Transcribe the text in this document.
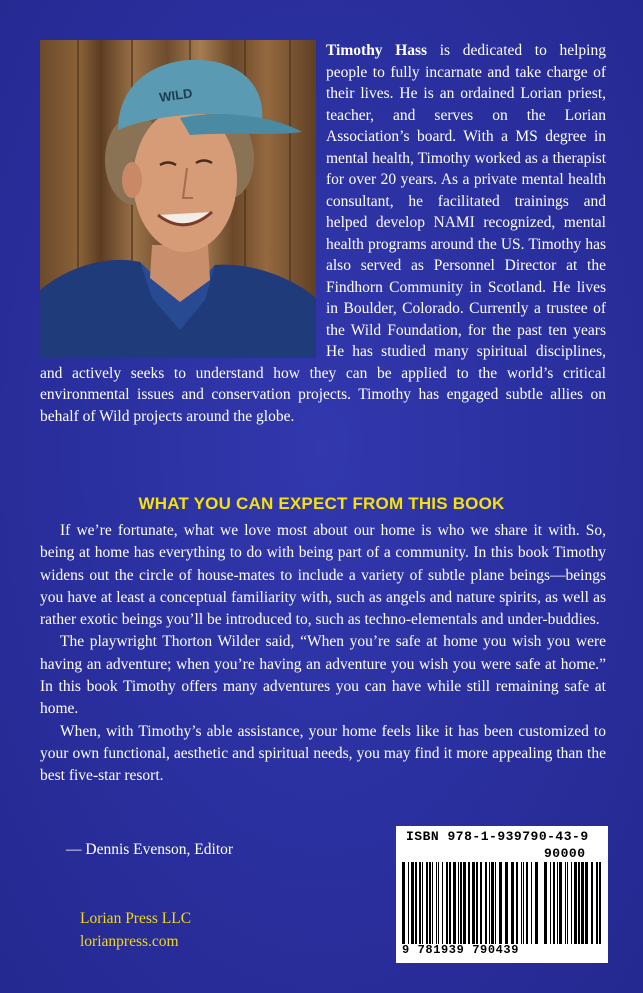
WILD
Timothy Hass is dedicated to helping people to fully incarnate and take charge of their lives. He is an ordained Lorian priest, teacher, and serves on the Lorian Association’s board. With a MS degree in mental health, Timothy worked as a therapist for over 20 years. As a private mental health consultant, he facilitated trainings and helped develop NAMI recognized, mental health programs around the US. Timothy has also served as Personnel Director at the Findhorn Community in Scotland. He lives in Boulder, Colorado. Currently a trustee of the Wild Foundation, for the past ten years He has studied many spiritual disciplines, and actively seeks to understand how they can be applied to the world’s critical environmental issues and conservation projects. Timothy has engaged subtle allies on behalf of Wild projects around the globe.
WHAT YOU CAN EXPECT FROM THIS BOOK

If we’re fortunate, what we love most about our home is who we share it with. So, being at home has everything to do with being part of a community. In this book Timothy widens out the circle of house-mates to include a variety of subtle plane beings—beings you have at least a conceptual familiarity with, such as angels and nature spirits, as well as rather exotic beings you’ll be introduced to, such as techno-elementals and under-buddies.

The playwright Thorton Wilder said, “When you’re safe at home you wish you were having an adventure; when you’re having an adventure you wish you were safe at home.” In this book Timothy offers many adventures you can have while still remaining safe at home.

When, with Timothy’s able assistance, your home feels like it has been customized to your own functional, aesthetic and spiritual needs, you may find it more appealing than the best five-star resort.

— Dennis Evenson, Editor
Lorian Press LLC
lorianpress.com
ISBN 978-1-939790-43-9
90000
9 781939 790439
